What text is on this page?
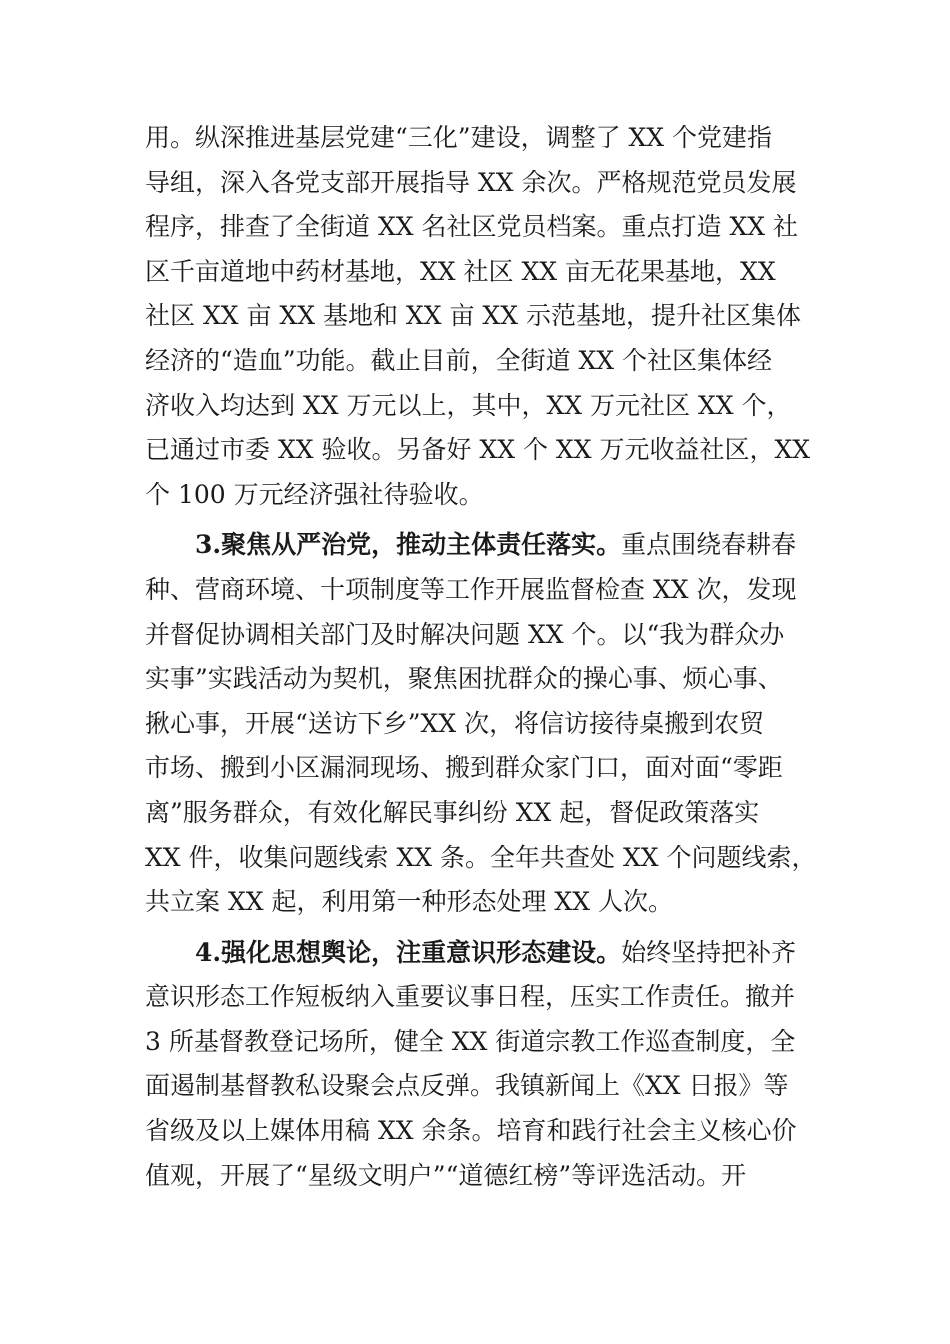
用。纵深推进基层党建“三化”建设，调整了 XX 个党建指
导组，深入各党支部开展指导 XX 余次。严格规范党员发展
程序，排查了全街道 XX 名社区党员档案。重点打造 XX 社
区千亩道地中药材基地，XX 社区 XX 亩无花果基地，XX
社区 XX 亩 XX 基地和 XX 亩 XX 示范基地，提升社区集体
经济的“造血”功能。截止目前，全街道 XX 个社区集体经
济收入均达到 XX 万元以上，其中，XX 万元社区 XX 个，
已通过市委 XX 验收。另备好 XX 个 XX 万元收益社区，XX
个 100 万元经济强社待验收。
3.聚焦从严治党，推动主体责任落实。重点围绕春耕春
种、营商环境、十项制度等工作开展监督检查 XX 次，发现
并督促协调相关部门及时解决问题 XX 个。以“我为群众办
实事”实践活动为契机，聚焦困扰群众的操心事、烦心事、
揪心事，开展“送访下乡”XX 次，将信访接待桌搬到农贸
市场、搬到小区漏洞现场、搬到群众家门口，面对面“零距
离”服务群众，有效化解民事纠纷 XX 起，督促政策落实
XX 件，收集问题线索 XX 条。全年共查处 XX 个问题线索，
共立案 XX 起，利用第一种形态处理 XX 人次。
4.强化思想舆论，注重意识形态建设。始终坚持把补齐
意识形态工作短板纳入重要议事日程，压实工作责任。撤并
3 所基督教登记场所，健全 XX 街道宗教工作巡查制度，全
面遏制基督教私设聚会点反弹。我镇新闻上《XX 日报》等
省级及以上媒体用稿 XX 余条。培育和践行社会主义核心价
值观，开展了“星级文明户”“道德红榜”等评选活动。开
